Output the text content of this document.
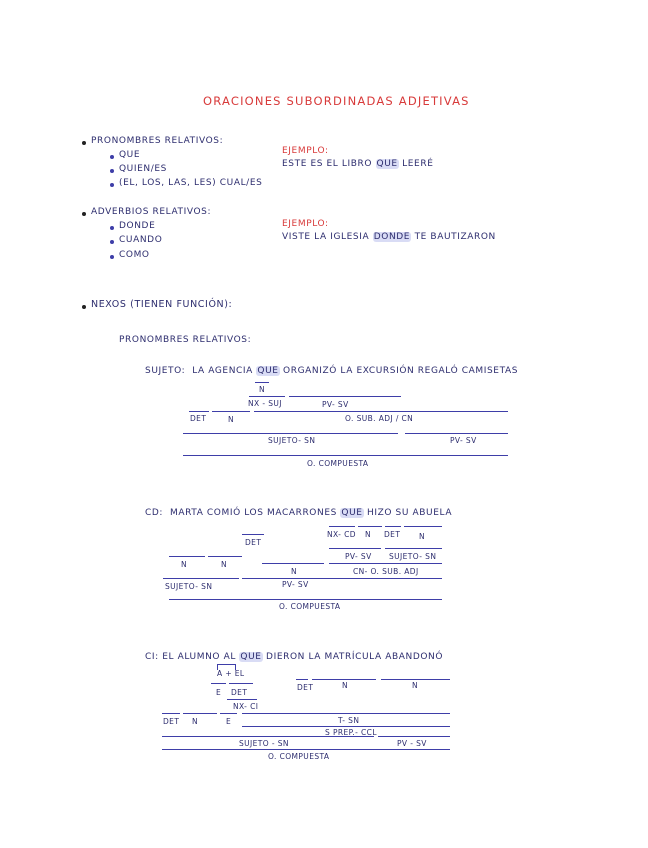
ORACIONES SUBORDINADAS ADJETIVAS
PRONOMBRES RELATIVOS:
QUE
QUIEN/ES
(EL, LOS, LAS, LES) CUAL/ES
EJEMPLO:
ESTE ES EL LIBRO QUE LEERÉ
ADVERBIOS RELATIVOS:
DONDE
CUANDO
COMO
EJEMPLO:
VISTE LA IGLESIA DONDE TE BAUTIZARON
NEXOS (TIENEN FUNCIÓN):
PRONOMBRES RELATIVOS:
SUJETO: LA AGENCIA QUE ORGANIZÓ LA EXCURSIÓN REGALÓ CAMISETAS
N
NX - SUJ	PV- SV
DET	N	O. SUB. ADJ / CN
SUJETO- SN	PV- SV
O. COMPUESTA
CD: MARTA COMIÓ LOS MACARRONES QUE HIZO SU ABUELA
NX- CD N DET N
DET
PV- SV SUJETO- SN
N	N
N	CN- O. SUB. ADJ
SUJETO- SN	PV- SV
O. COMPUESTA
CI: EL ALUMNO AL QUE DIERON LA MATRÍCULA ABANDONÓ
A + EL
DET	N	N
E DET
NX- CI
DET N	E	T- SN
S PREP.- CCL
SUJETO - SN	PV - SV
O. COMPUESTA
